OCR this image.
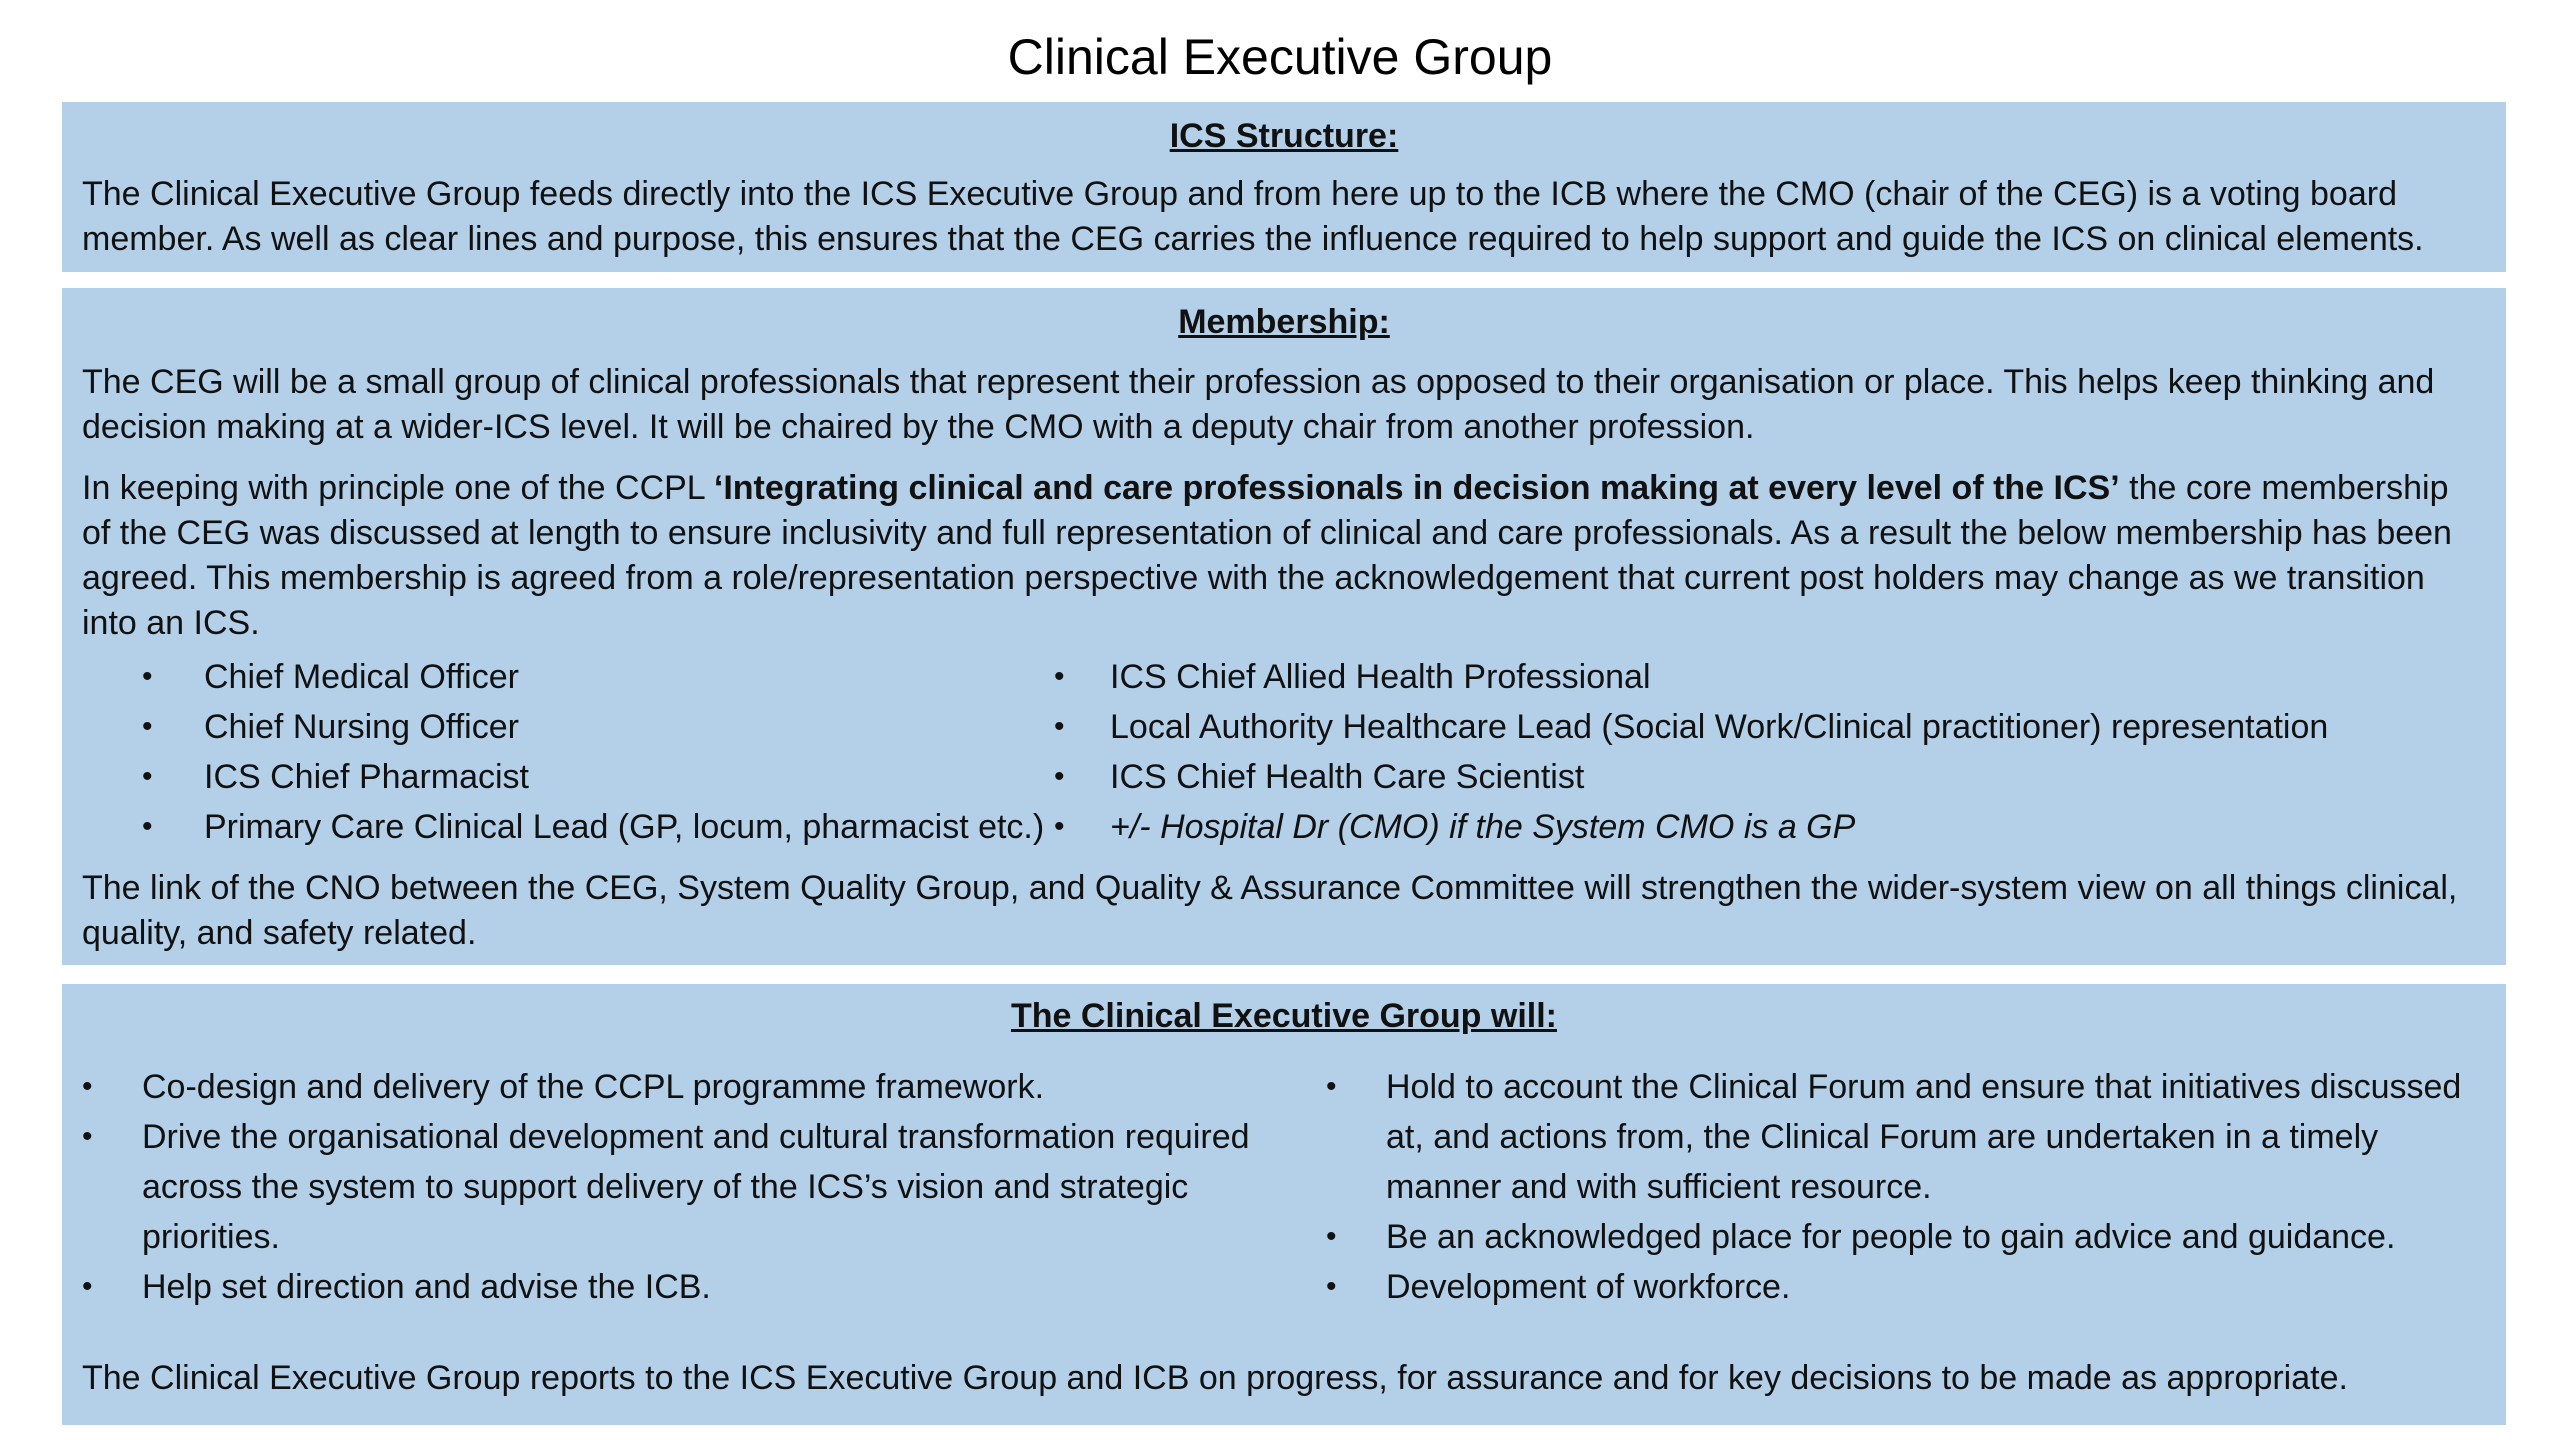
Clinical Executive Group

ICS Structure:

The Clinical Executive Group feeds directly into the ICS Executive Group and from here up to the ICB where the CMO (chair of the CEG) is a voting board member. As well as clear lines and purpose, this ensures that the CEG carries the influence required to help support and guide the ICS on clinical elements.

Membership:

The CEG will be a small group of clinical professionals that represent their profession as opposed to their organisation or place. This helps keep thinking and decision making at a wider-ICS level. It will be chaired by the CMO with a deputy chair from another profession.

In keeping with principle one of the CCPL ‘Integrating clinical and care professionals in decision making at every level of the ICS’ the core membership of the CEG was discussed at length to ensure inclusivity and full representation of clinical and care professionals. As a result the below membership has been agreed. This membership is agreed from a role/representation perspective with the acknowledgement that current post holders may change as we transition into an ICS.

• Chief Medical Officer
• Chief Nursing Officer
• ICS Chief Pharmacist
• Primary Care Clinical Lead (GP, locum, pharmacist etc.)
• ICS Chief Allied Health Professional
• Local Authority Healthcare Lead (Social Work/Clinical practitioner) representation
• ICS Chief Health Care Scientist
• +/- Hospital Dr (CMO) if the System CMO is a GP

The link of the CNO between the CEG, System Quality Group, and Quality & Assurance Committee will strengthen the wider-system view on all things clinical, quality, and safety related.

The Clinical Executive Group will:

• Co-design and delivery of the CCPL programme framework.
• Drive the organisational development and cultural transformation required across the system to support delivery of the ICS’s vision and strategic priorities.
• Help set direction and advise the ICB.
• Hold to account the Clinical Forum and ensure that initiatives discussed at, and actions from, the Clinical Forum are undertaken in a timely manner and with sufficient resource.
• Be an acknowledged place for people to gain advice and guidance.
• Development of workforce.

The Clinical Executive Group reports to the ICS Executive Group and ICB on progress, for assurance and for key decisions to be made as appropriate.
